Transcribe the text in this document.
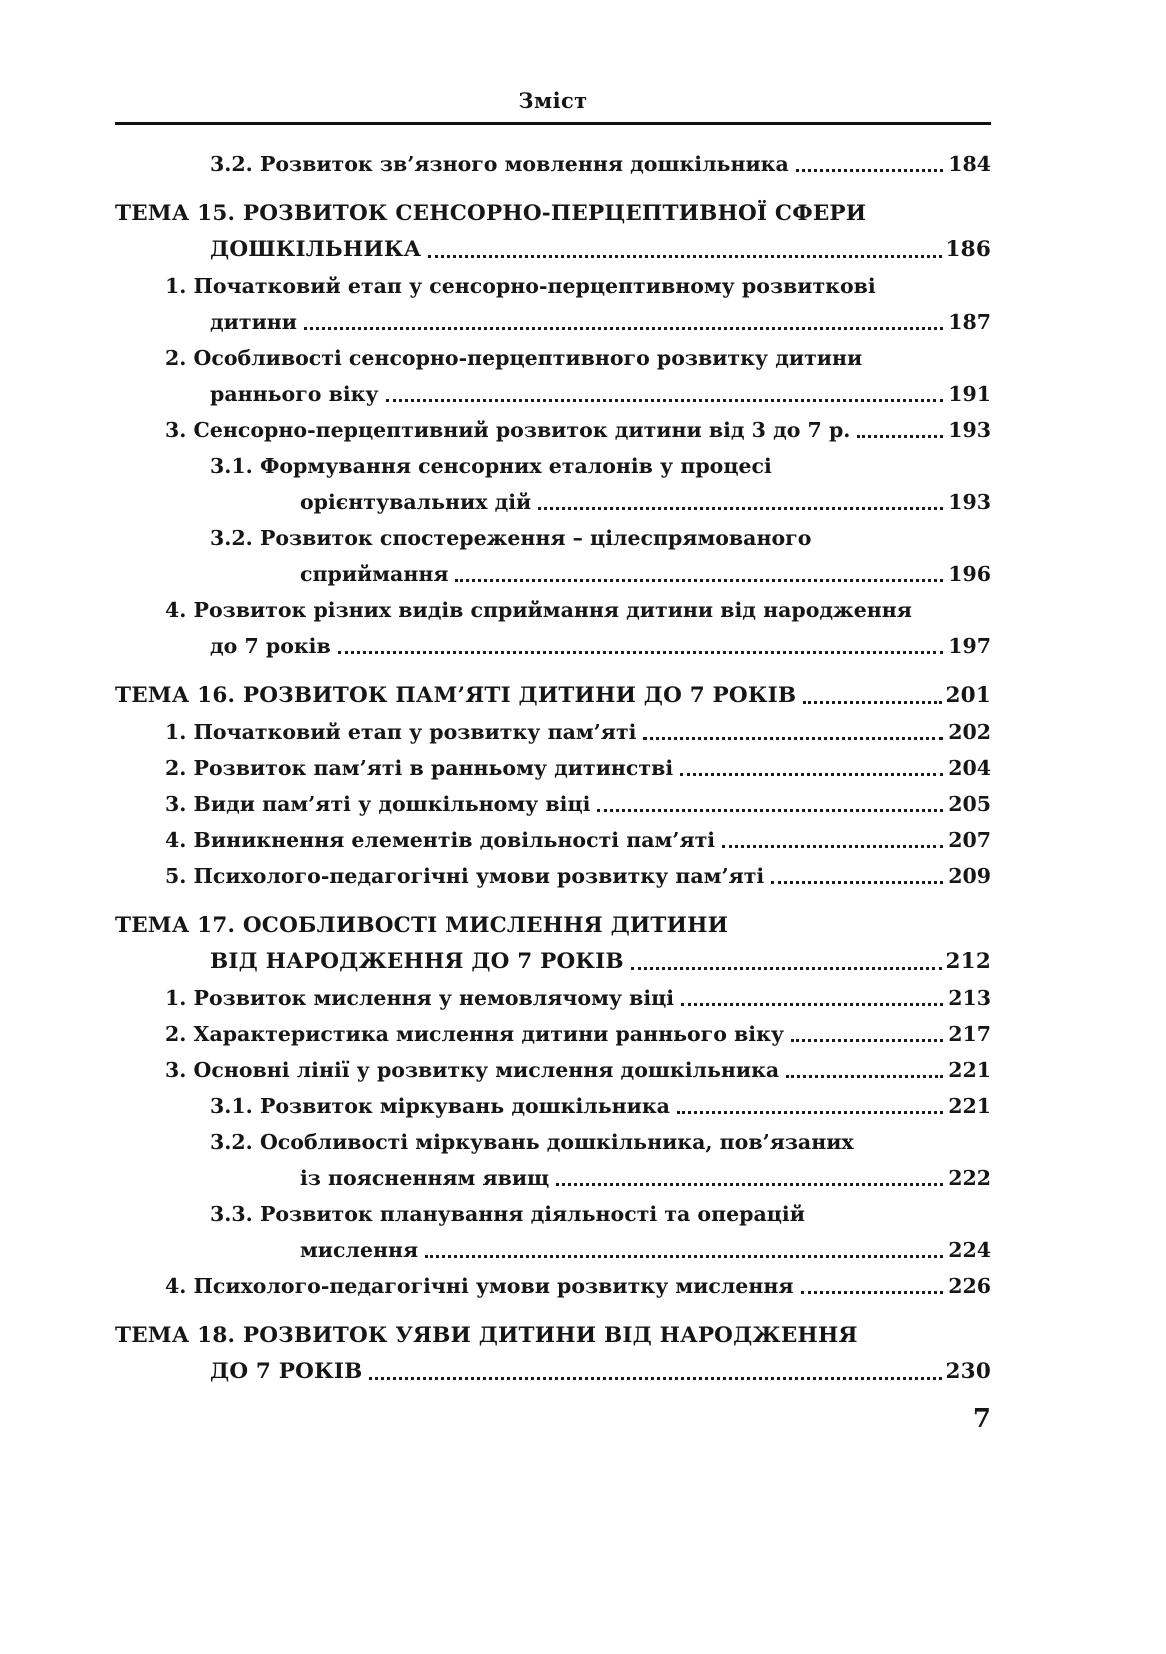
Зміст
3.2. Розвиток зв’язного мовлення дошкільника	184
ТЕМА 15. РОЗВИТОК СЕНСОРНО-ПЕРЦЕПТИВНОЇ СФЕРИ
ДОШКІЛЬНИКА	186
1. Початковий етап у сенсорно-перцептивному розвиткові
дитини	187
2. Особливості сенсорно-перцептивного розвитку дитини
раннього віку	191
3. Сенсорно-перцептивний розвиток дитини від 3 до 7 р.	193
3.1. Формування сенсорних еталонів у процесі
орієнтувальних дій	193
3.2. Розвиток спостереження – цілеспрямованого
сприймання	196
4. Розвиток різних видів сприймання дитини від народження
до 7 років	197
ТЕМА 16. РОЗВИТОК ПАМ’ЯТІ ДИТИНИ ДО 7 РОКІВ	201
1. Початковий етап у розвитку пам’яті	202
2. Розвиток пам’яті в ранньому дитинстві	204
3. Види пам’яті у дошкільному віці	205
4. Виникнення елементів довільності пам’яті	207
5. Психолого-педагогічні умови розвитку пам’яті	209
ТЕМА 17. ОСОБЛИВОСТІ МИСЛЕННЯ ДИТИНИ
ВІД НАРОДЖЕННЯ ДО 7 РОКІВ	212
1. Розвиток мислення у немовлячому віці	213
2. Характеристика мислення дитини раннього віку	217
3. Основні лінії у розвитку мислення дошкільника	221
3.1. Розвиток міркувань дошкільника	221
3.2. Особливості міркувань дошкільника, пов’язаних
із поясненням явищ	222
3.3. Розвиток планування діяльності та операцій
мислення	224
4. Психолого-педагогічні умови розвитку мислення	226
ТЕМА 18. РОЗВИТОК УЯВИ ДИТИНИ ВІД НАРОДЖЕННЯ
ДО 7 РОКІВ	230
7
